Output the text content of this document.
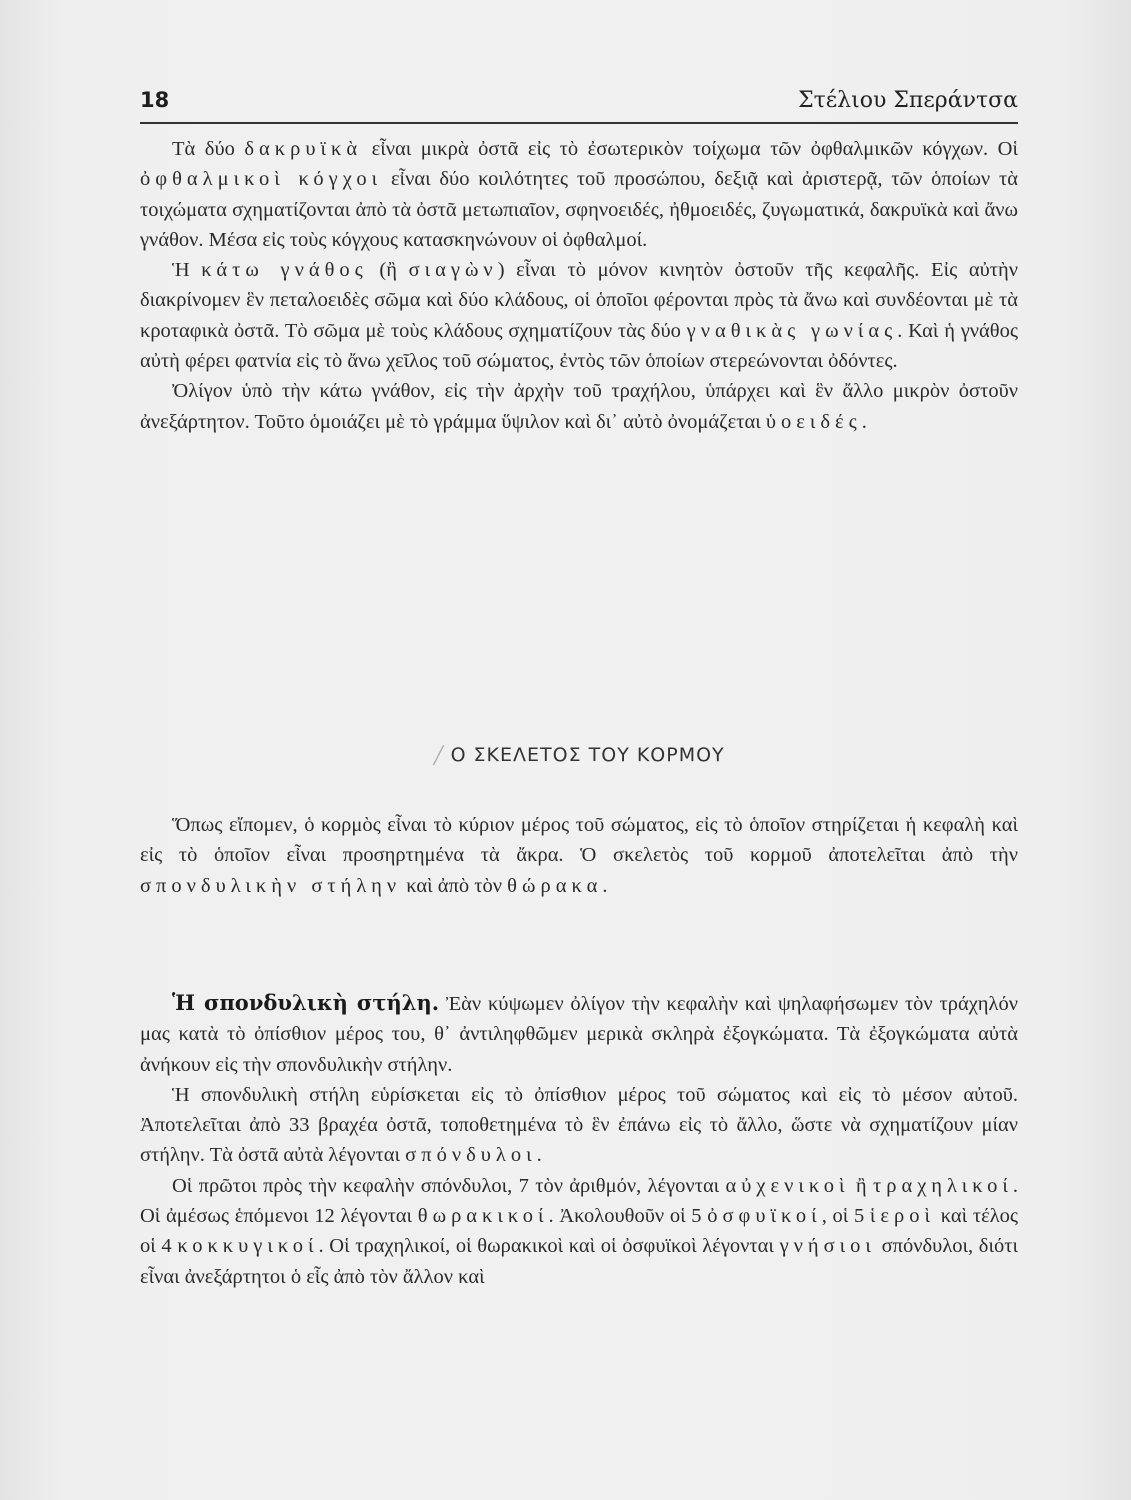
18	Στέλιου Σπεράντσα

Τὰ δύο δακρυϊκὰ εἶναι μικρὰ ὀστᾶ εἰς τὸ ἐσωτερικὸν τοίχωμα τῶν ὀφθαλμικῶν κόγχων. Οἱ ὀφθαλμικοὶ κόγχοι εἶναι δύο κοιλότητες τοῦ προσώπου, δεξιᾷ καὶ ἀριστερᾷ, τῶν ὁποίων τὰ τοιχώματα σχηματίζονται ἀπὸ τὰ ὀστᾶ μετωπιαῖον, σφηνοειδές, ἠθμοειδές, ζυγωματικά, δακρυϊκὰ καὶ ἄνω γνάθον. Μέσα εἰς τοὺς κόγχους κατασκηνώνουν οἱ ὀφθαλμοί.

Ἡ κάτω γνάθος (ἢ σιαγὼν) εἶναι τὸ μόνον κινητὸν ὀστοῦν τῆς κεφαλῆς. Εἰς αὐτὴν διακρίνομεν ἓν πεταλοειδὲς σῶμα καὶ δύο κλάδους, οἱ ὁποῖοι φέρονται πρὸς τὰ ἄνω καὶ συνδέονται μὲ τὰ κροταφικὰ ὀστᾶ. Τὸ σῶμα μὲ τοὺς κλάδους σχηματίζουν τὰς δύο γναθικὰς γωνίας. Καὶ ἡ γνάθος αὐτὴ φέρει φατνία εἰς τὸ ἄνω χεῖλος τοῦ σώματος, ἐντὸς τῶν ὁποίων στερεώνονται ὀδόντες.

Ὀλίγον ὑπὸ τὴν κάτω γνάθον, εἰς τὴν ἀρχὴν τοῦ τραχήλου, ὑπάρχει καὶ ἓν ἄλλο μικρὸν ὀστοῦν ἀνεξάρτητον. Τοῦτο ὁμοιάζει μὲ τὸ γράμμα ὕψιλον καὶ δι᾿ αὐτὸ ὀνομάζεται ὑοειδές.

╱ Ο ΣΚΕΛΕΤΟΣ ΤΟΥ ΚΟΡΜΟΥ

Ὅπως εἴπομεν, ὁ κορμὸς εἶναι τὸ κύριον μέρος τοῦ σώματος, εἰς τὸ ὁποῖον στηρίζεται ἡ κεφαλὴ καὶ εἰς τὸ ὁποῖον εἶναι προσηρτημένα τὰ ἄκρα. Ὁ σκελετὸς τοῦ κορμοῦ ἀποτελεῖται ἀπὸ τὴν σπονδυλικὴν στήλην καὶ ἀπὸ τὸν θώρακα.

Ἡ σπονδυλικὴ στήλη. Ἐὰν κύψωμεν ὀλίγον τὴν κεφαλὴν καὶ ψηλαφήσωμεν τὸν τράχηλόν μας κατὰ τὸ ὀπίσθιον μέρος του, θ᾿ ἀντιληφθῶμεν μερικὰ σκληρὰ ἐξογκώματα. Τὰ ἐξογκώματα αὐτὰ ἀνήκουν εἰς τὴν σπονδυλικὴν στήλην.

Ἡ σπονδυλικὴ στήλη εὑρίσκεται εἰς τὸ ὀπίσθιον μέρος τοῦ σώματος καὶ εἰς τὸ μέσον αὐτοῦ. Ἀποτελεῖται ἀπὸ 33 βραχέα ὀστᾶ, τοποθετημένα τὸ ἓν ἐπάνω εἰς τὸ ἄλλο, ὥστε νὰ σχηματίζουν μίαν στήλην. Τὰ ὀστᾶ αὐτὰ λέγονται σπόνδυλοι.

Οἱ πρῶτοι πρὸς τὴν κεφαλὴν σπόνδυλοι, 7 τὸν ἀριθμόν, λέγονται αὐχενικοὶ ἢ τραχηλικοί. Οἱ ἀμέσως ἑπόμενοι 12 λέγονται θωρακικοί. Ἀκολουθοῦν οἱ 5 ὀσφυϊκοί, οἱ 5 ἱεροὶ καὶ τέλος οἱ 4 κοκκυγικοί. Οἱ τραχηλικοί, οἱ θωρακικοὶ καὶ οἱ ὀσφυϊκοὶ λέγονται γνήσιοι σπόνδυλοι, διότι εἶναι ἀνεξάρτητοι ὁ εἷς ἀπὸ τὸν ἄλλον καὶ
